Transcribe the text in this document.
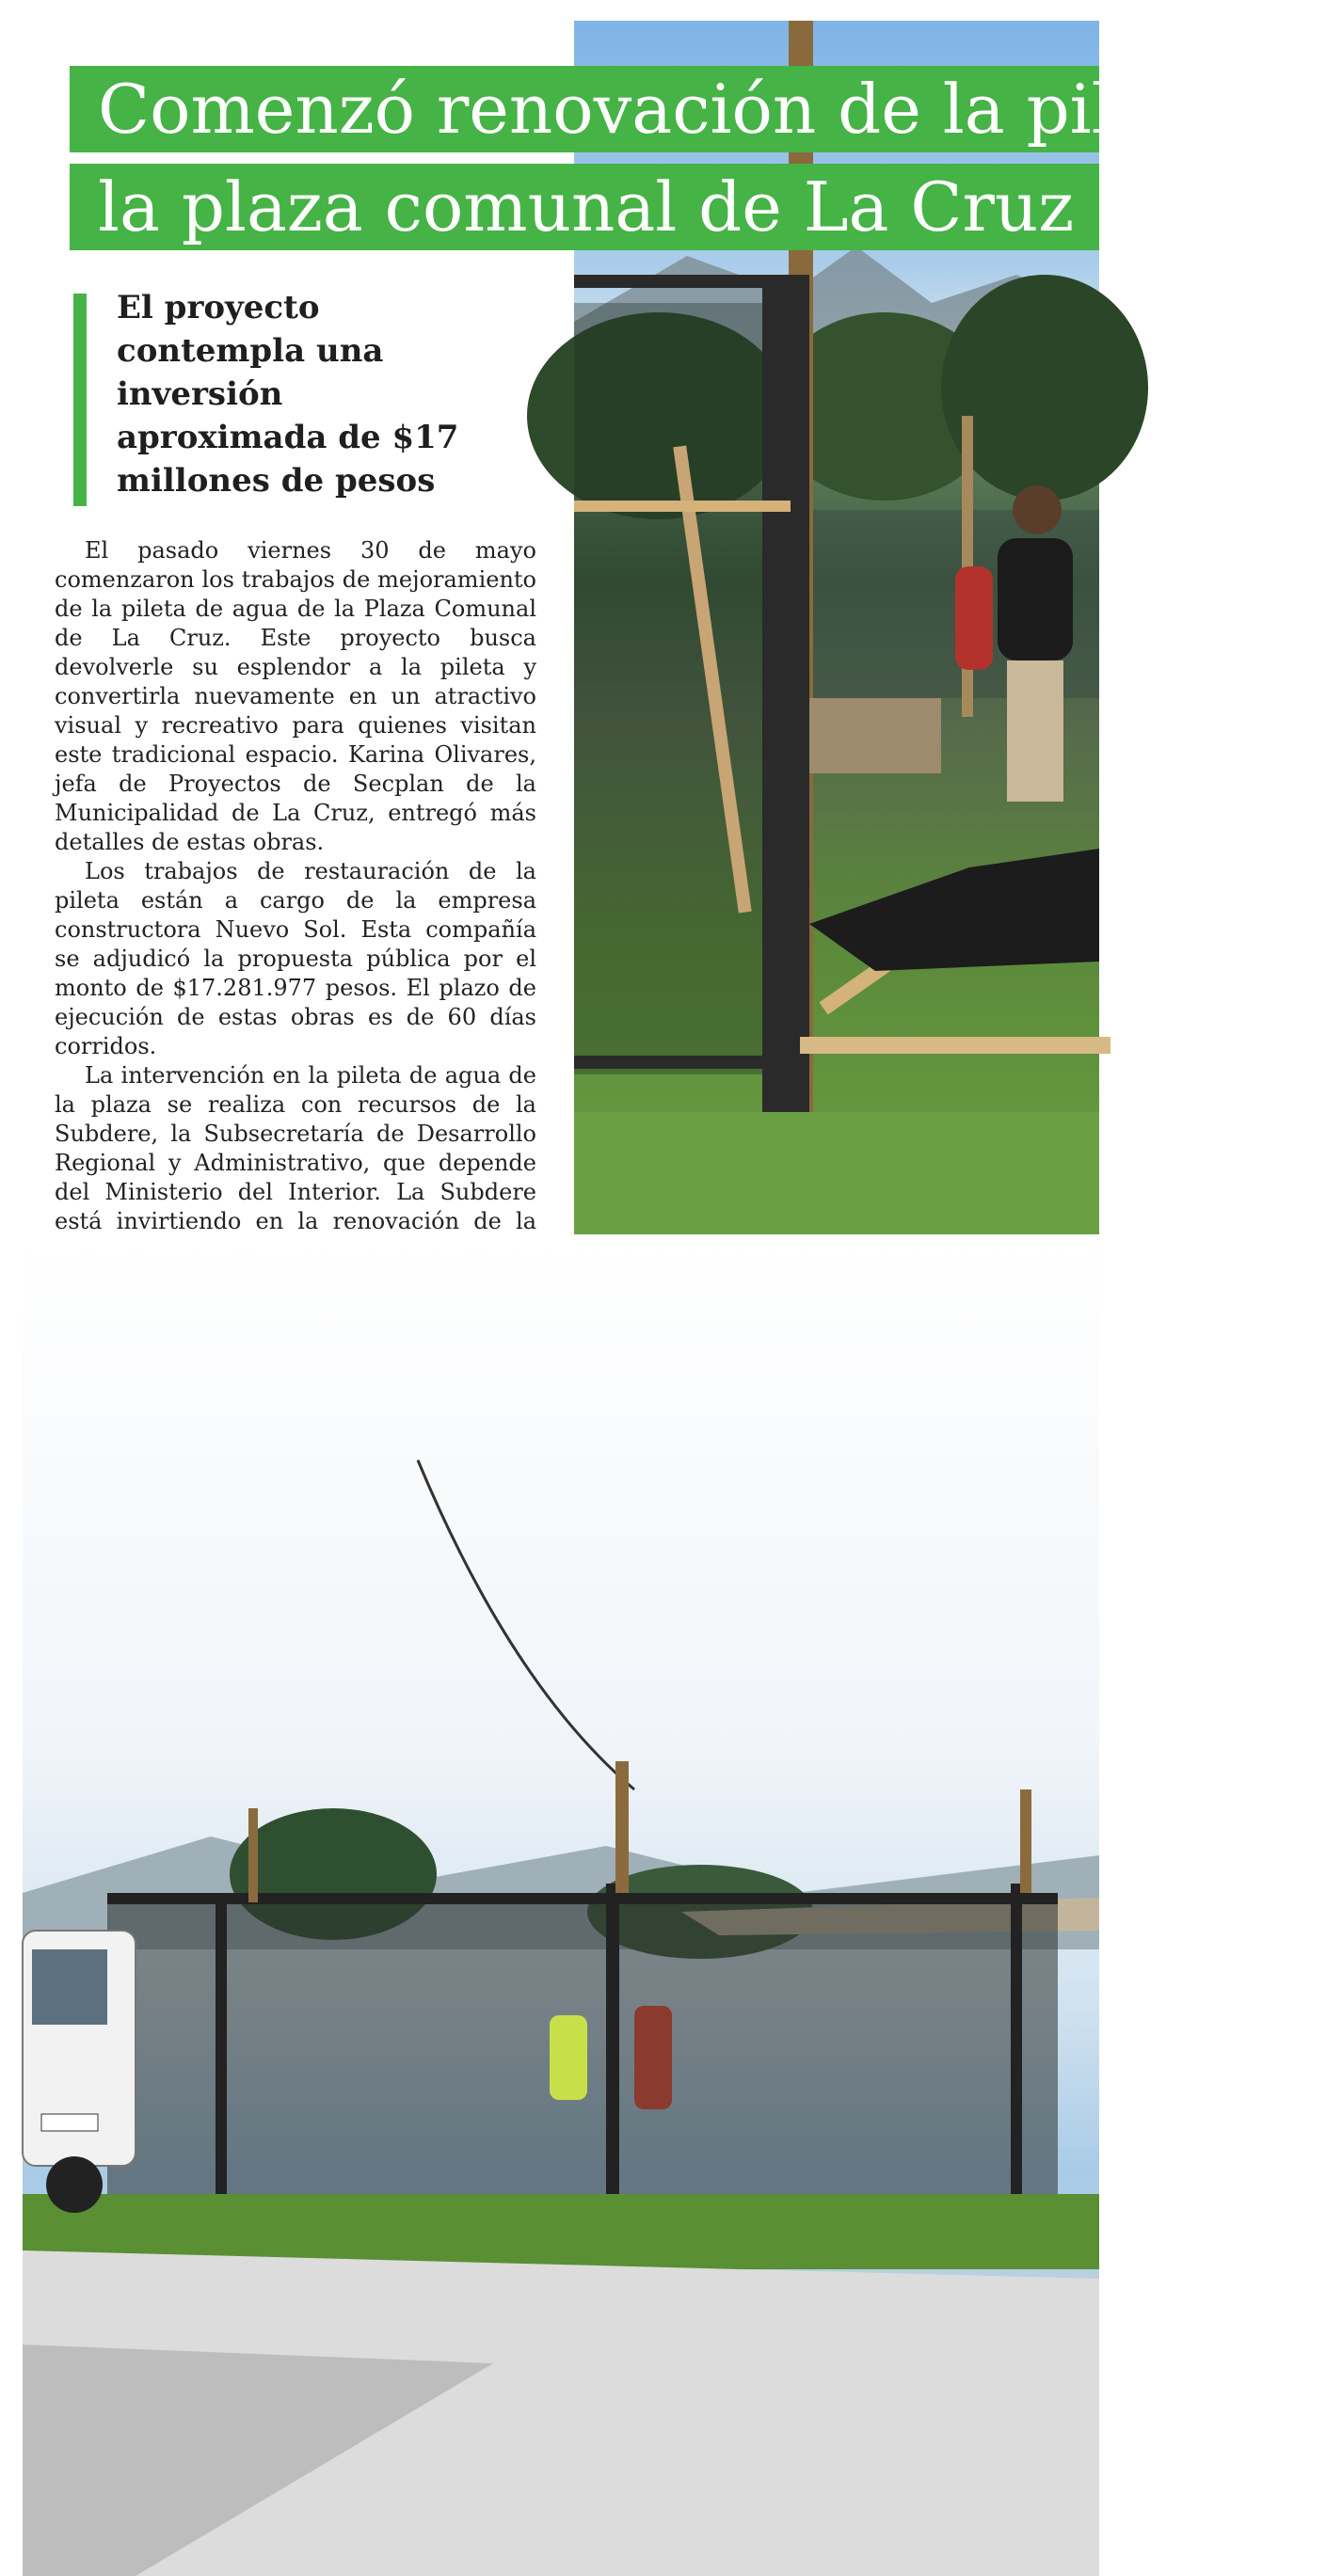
Comenzó renovación de la pileta de
la plaza comunal de La Cruz
El proyecto contempla una inversión aproximada de $17 millones de pesos

El pasado viernes 30 de mayo comenzaron los trabajos de mejoramiento de la pileta de agua de la Plaza Comunal de La Cruz. Este proyecto busca devolverle su esplendor a la pileta y convertirla nuevamente en un atractivo visual y recreativo para quienes visitan este tradicional espacio. Karina Olivares, jefa de Proyectos de Secplan de la Municipalidad de La Cruz, entregó más detalles de estas obras.

Los trabajos de restauración de la pileta están a cargo de la empresa constructora Nuevo Sol. Esta compañía se adjudicó la propuesta pública por el monto de $17.281.977 pesos. El plazo de ejecución de estas obras es de 60 días corridos.

La intervención en la pileta de agua de la plaza se realiza con recursos de la Subdere, la Subsecretaría de Desarrollo Regional y Administrativo, que depende del Ministerio del Interior. La Subdere está invirtiendo en la renovación de la
